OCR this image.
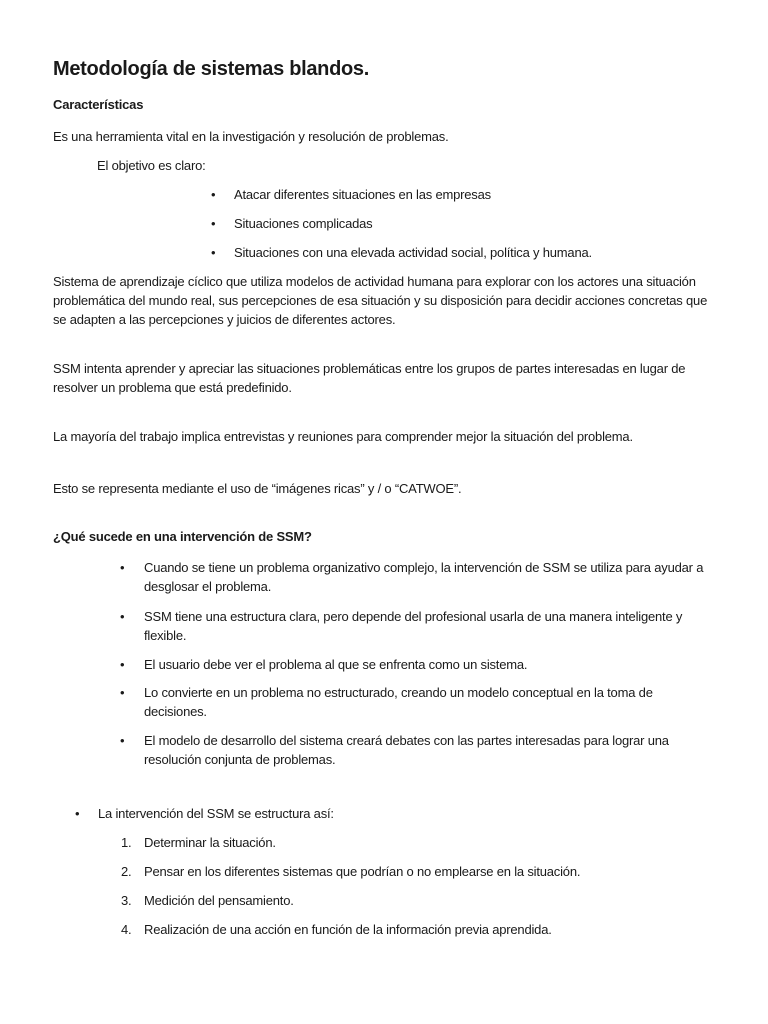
Metodología de sistemas blandos.
Características

Es una herramienta vital en la investigación y resolución de problemas.

El objetivo es claro:

• Atacar diferentes situaciones en las empresas
• Situaciones complicadas
• Situaciones con una elevada actividad social, política y humana.

Sistema de aprendizaje cíclico que utiliza modelos de actividad humana para explorar con los actores una situación problemática del mundo real, sus percepciones de esa situación y su disposición para decidir acciones concretas que se adapten a las percepciones y juicios de diferentes actores.

SSM intenta aprender y apreciar las situaciones problemáticas entre los grupos de partes interesadas en lugar de resolver un problema que está predefinido.

La mayoría del trabajo implica entrevistas y reuniones para comprender mejor la situación del problema.

Esto se representa mediante el uso de “imágenes ricas” y / o “CATWOE”.

¿Qué sucede en una intervención de SSM?
• Cuando se tiene un problema organizativo complejo, la intervención de SSM se utiliza para ayudar a desglosar el problema.
• SSM tiene una estructura clara, pero depende del profesional usarla de una manera inteligente y flexible.
• El usuario debe ver el problema al que se enfrenta como un sistema.
• Lo convierte en un problema no estructurado, creando un modelo conceptual en la toma de decisiones.
• El modelo de desarrollo del sistema creará debates con las partes interesadas para lograr una resolución conjunta de problemas.
• La intervención del SSM se estructura así:
1. Determinar la situación.
2. Pensar en los diferentes sistemas que podrían o no emplearse en la situación.
3. Medición del pensamiento.
4. Realización de una acción en función de la información previa aprendida.
